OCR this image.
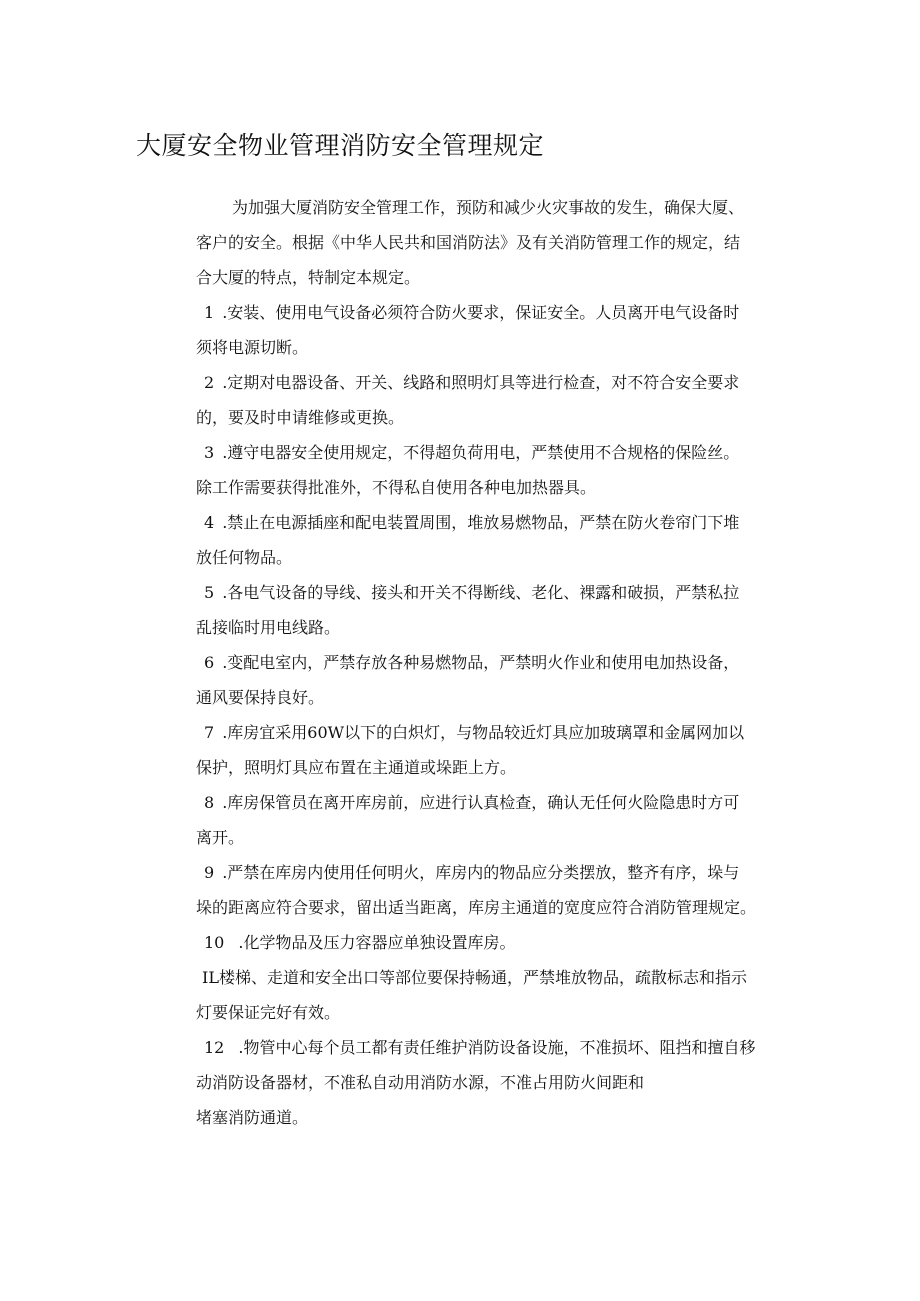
大厦安全物业管理消防安全管理规定

为加强大厦消防安全管理工作，预防和减少火灾事故的发生，确保大厦、
客户的安全。根据《中华人民共和国消防法》及有关消防管理工作的规定，结
合大厦的特点，特制定本规定。

1 .安装、使用电气设备必须符合防火要求，保证安全。人员离开电气设备时
须将电源切断。

2 .定期对电器设备、开关、线路和照明灯具等进行检查，对不符合安全要求
的，要及时申请维修或更换。

3 .遵守电器安全使用规定，不得超负荷用电，严禁使用不合规格的保险丝。
除工作需要获得批准外，不得私自使用各种电加热器具。

4 .禁止在电源插座和配电装置周围，堆放易燃物品，严禁在防火卷帘门下堆
放任何物品。

5 .各电气设备的导线、接头和开关不得断线、老化、裸露和破损，严禁私拉
乱接临时用电线路。

6 .变配电室内，严禁存放各种易燃物品，严禁明火作业和使用电加热设备，
通风要保持良好。

7 .库房宜采用60W以下的白炽灯，与物品较近灯具应加玻璃罩和金属网加以
保护，照明灯具应布置在主通道或垛距上方。

8 .库房保管员在离开库房前，应进行认真检查，确认无任何火险隐患时方可
离开。

9 .严禁在库房内使用任何明火，库房内的物品应分类摆放，整齐有序，垛与
垛的距离应符合要求，留出适当距离，库房主通道的宽度应符合消防管理规定。

10 .化学物品及压力容器应单独设置库房。

IL楼梯、走道和安全出口等部位要保持畅通，严禁堆放物品，疏散标志和指示
灯要保证完好有效。

12 .物管中心每个员工都有责任维护消防设备设施，不准损坏、阻挡和擅自移
动消防设备器材，不准私自动用消防水源，不准占用防火间距和
堵塞消防通道。
